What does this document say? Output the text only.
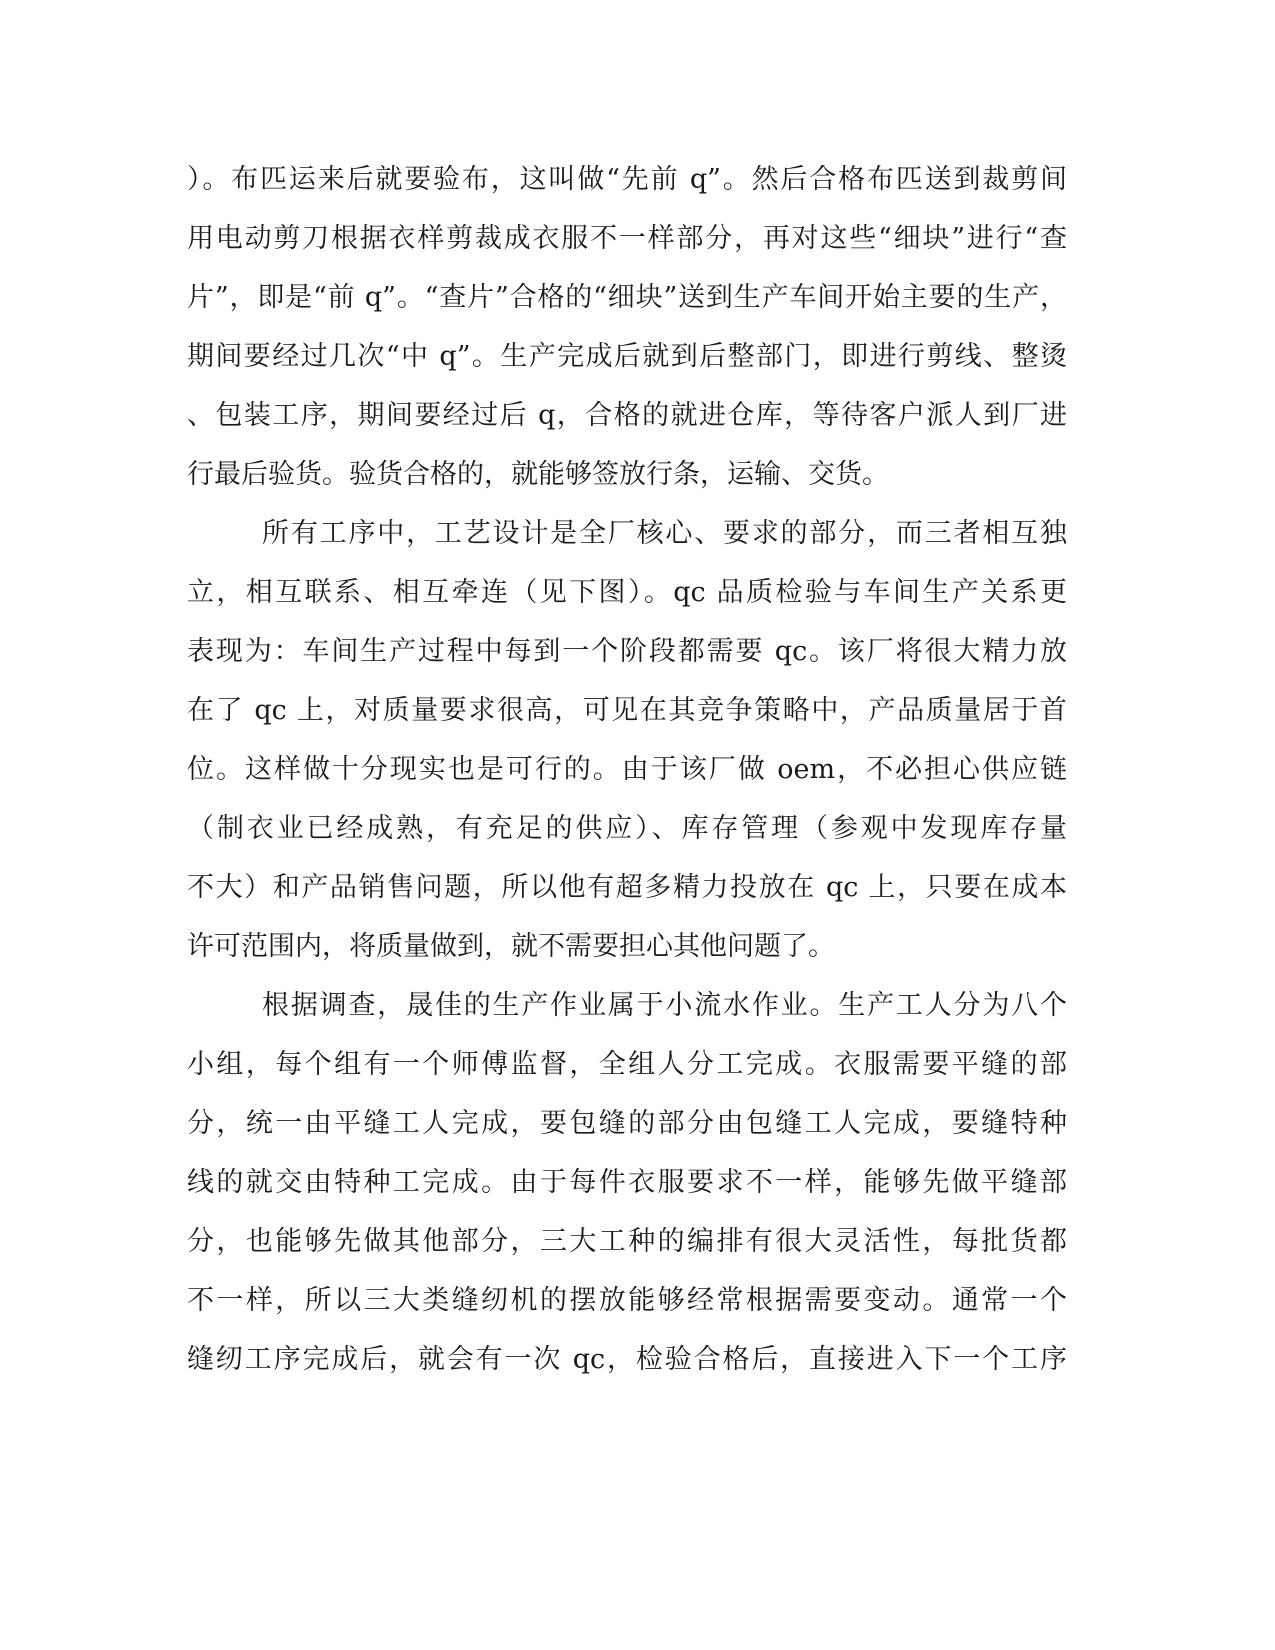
）。布匹运来后就要验布，这叫做“先前 q”。然后合格布匹送到裁剪间
用电动剪刀根据衣样剪裁成衣服不一样部分，再对这些“细块”进行“查
片”，即是“前 q”。“查片”合格的“细块”送到生产车间开始主要的生产，
期间要经过几次“中 q”。生产完成后就到后整部门，即进行剪线、整烫
、包装工序，期间要经过后 q，合格的就进仓库，等待客户派人到厂进
行最后验货。验货合格的，就能够签放行条，运输、交货。
所有工序中，工艺设计是全厂核心、要求的部分，而三者相互独
立，相互联系、相互牵连（见下图）。qc 品质检验与车间生产关系更
表现为：车间生产过程中每到一个阶段都需要 qc。该厂将很大精力放
在了 qc 上，对质量要求很高，可见在其竞争策略中，产品质量居于首
位。这样做十分现实也是可行的。由于该厂做 oem，不必担心供应链
（制衣业已经成熟，有充足的供应）、库存管理（参观中发现库存量
不大）和产品销售问题，所以他有超多精力投放在 qc 上，只要在成本
许可范围内，将质量做到，就不需要担心其他问题了。
根据调查，晟佳的生产作业属于小流水作业。生产工人分为八个
小组，每个组有一个师傅监督，全组人分工完成。衣服需要平缝的部
分，统一由平缝工人完成，要包缝的部分由包缝工人完成，要缝特种
线的就交由特种工完成。由于每件衣服要求不一样，能够先做平缝部
分，也能够先做其他部分，三大工种的编排有很大灵活性，每批货都
不一样，所以三大类缝纫机的摆放能够经常根据需要变动。通常一个
缝纫工序完成后，就会有一次 qc，检验合格后，直接进入下一个工序
